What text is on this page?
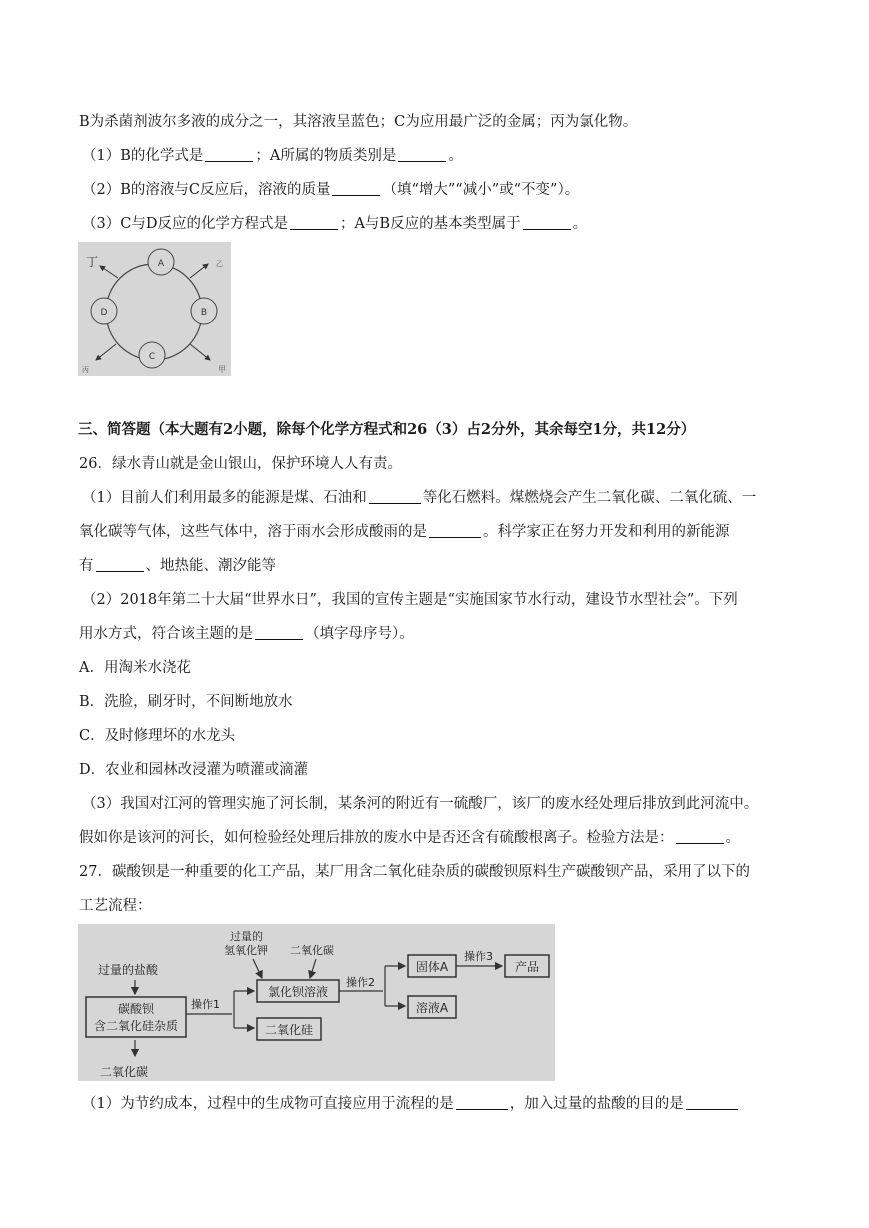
B为杀菌剂波尔多液的成分之一，其溶液呈蓝色；C为应用最广泛的金属；丙为氯化物。
（1）B的化学式是	；A所属的物质类别是	。
（2）B的溶液与C反应后，溶液的质量	（填“增大”“减小”或“不变”）。
（3）C与D反应的化学方程式是	；A与B反应的基本类型属于	。
A
B
C
D
丁	乙
丙	甲
三、简答题（本大题有2小题，除每个化学方程式和26（3）占2分外，其余每空1分，共12分）
26．绿水青山就是金山银山，保护环境人人有责。
（1）目前人们利用最多的能源是煤、石油和	等化石燃料。煤燃烧会产生二氧化碳、二氧化硫、一
氧化碳等气体，这些气体中，溶于雨水会形成酸雨的是	。科学家正在努力开发和利用的新能源
有	、地热能、潮汐能等
（2）2018年第二十大届“世界水日”，我国的宣传主题是“实施国家节水行动，建设节水型社会”。下列
用水方式，符合该主题的是	（填字母序号）。
A．用淘米水浇花
B．洗脸，刷牙时，不间断地放水
C．及时修理坏的水龙头
D．农业和园林改浸灌为喷灌或滴灌
（3）我国对江河的管理实施了河长制，某条河的附近有一硫酸厂，该厂的废水经处理后排放到此河流中。
假如你是该河的河长，如何检验经处理后排放的废水中是否还含有硫酸根离子。检验方法是：	。
27．碳酸钡是一种重要的化工产品，某厂用含二氧化硅杂质的碳酸钡原料生产碳酸钡产品，采用了以下的
工艺流程：
过量的盐酸
碳酸钡
含二氧化硅杂质
二氧化碳
操作1
过量的
氢氧化钾 二氧化碳
氯化钡溶液
二氧化硅
操作2
固体A
溶液A
操作3
产品
（1）为节约成本，过程中的生成物可直接应用于流程的是	，加入过量的盐酸的目的是
